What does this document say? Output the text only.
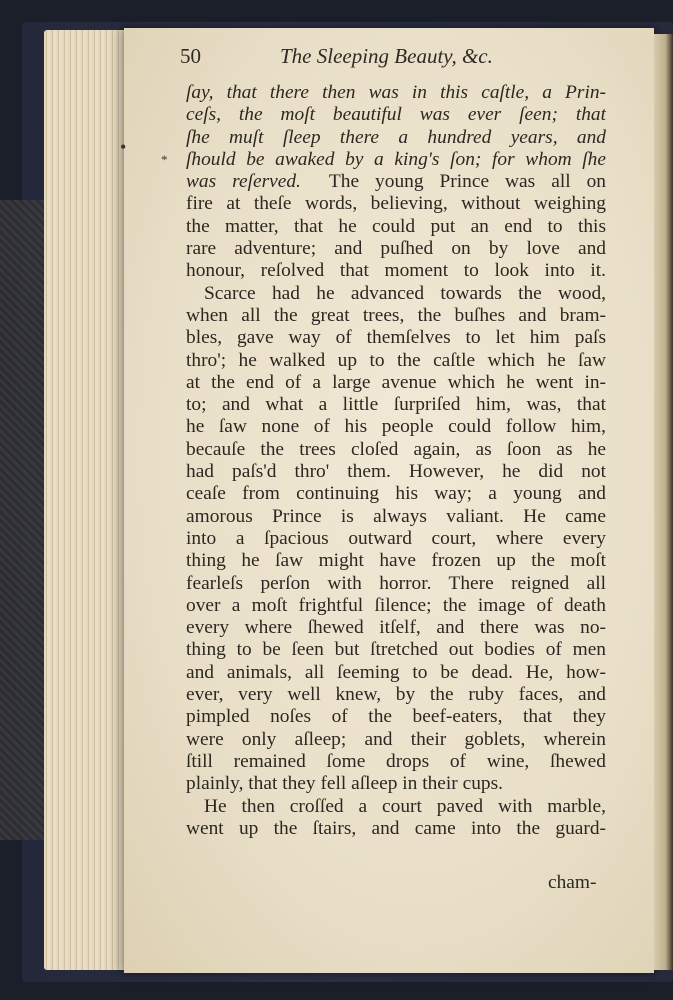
50	The Sleeping Beauty, &c.
•
*
ſay, that there then was in this caſtle, a Prin-
ceſs, the moſt beautiful was ever ſeen; that
ſhe muſt ſleep there a hundred years, and
ſhould be awaked by a king's ſon; for whom ſhe
was reſerved. The young Prince was all on
fire at theſe words, believing, without weighing
the matter, that he could put an end to this
rare adventure; and puſhed on by love and
honour, reſolved that moment to look into it.
Scarce had he advanced towards the wood,
when all the great trees, the buſhes and bram-
bles, gave way of themſelves to let him paſs
thro'; he walked up to the caſtle which he ſaw
at the end of a large avenue which he went in-
to; and what a little ſurpriſed him, was, that
he ſaw none of his people could follow him,
becauſe the trees cloſed again, as ſoon as he
had paſs'd thro' them. However, he did not
ceaſe from continuing his way; a young and
amorous Prince is always valiant. He came
into a ſpacious outward court, where every
thing he ſaw might have frozen up the moſt
fearleſs perſon with horror. There reigned all
over a moſt frightful ſilence; the image of death
every where ſhewed itſelf, and there was no-
thing to be ſeen but ſtretched out bodies of men
and animals, all ſeeming to be dead. He, how-
ever, very well knew, by the ruby faces, and
pimpled noſes of the beef-eaters, that they
were only aſleep; and their goblets, wherein
ſtill remained ſome drops of wine, ſhewed
plainly, that they fell aſleep in their cups.
He then croſſed a court paved with marble,
went up the ſtairs, and came into the guard-
cham-
